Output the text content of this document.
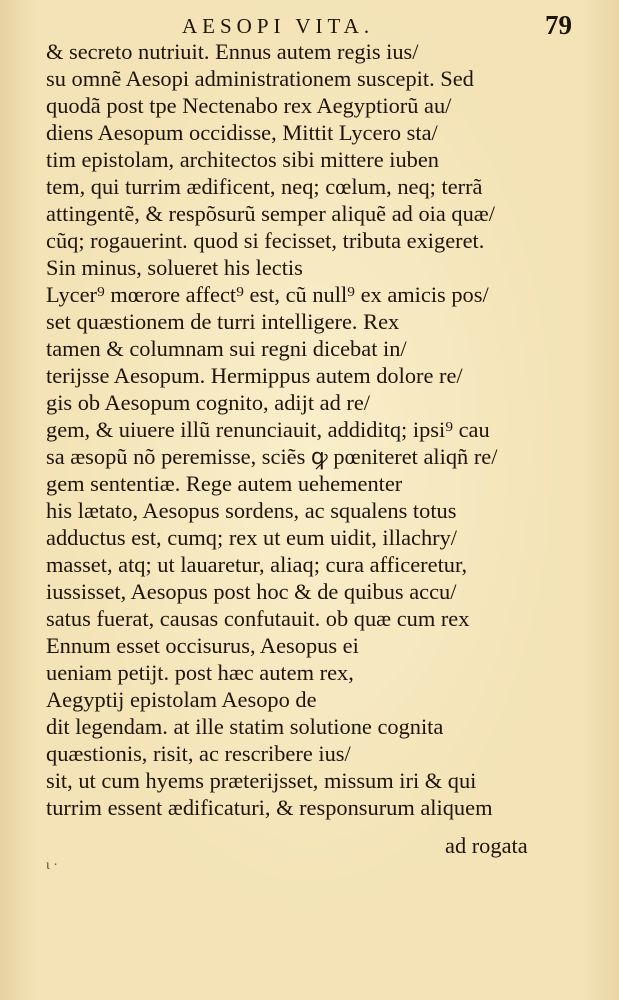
AESOPI VITA.	79
& secreto nutriuit. Ennus autem regis ius/
su omnẽ Aesopi administrationem suscepit. Sed
quodã post tpe Nectenabo rex Aegyptiorũ au/
diens Aesopum occidisse, Mittit Lycero sta/
tim epistolam, architectos sibi mittere iuben
tem, qui turrim ædificent, neq; cœlum, neq; terrã
attingentẽ, & respõsurũ semper aliquẽ ad oia quæ/
cũq; rogauerint. quod si fecisset, tributa exigeret.
Sin minus, solueret his lectis
Lycer⁹ mœrore affect⁹ est, cũ null⁹ ex amicis pos/
set quæstionem de turri intelligere. Rex
tamen & columnam sui regni dicebat in/
terijsse Aesopum. Hermippus autem dolore re/
gis ob Aesopum cognito, adijt ad re/
gem, & uiuere illũ renunciauit, addiditq; ipsi⁹ cau
sa æsopũ nõ peremisse, sciẽs ꝙ pœniteret aliqñ re/
gem sententiæ. Rege autem uehementer
his lætato, Aesopus sordens, ac squalens totus
adductus est, cumq; rex ut eum uidit, illachry/
masset, atq; ut lauaretur, aliaq; cura afficeretur,
iussisset, Aesopus post hoc & de quibus accu/
satus fuerat, causas confutauit. ob quæ cum rex
Ennum esset occisurus, Aesopus ei
ueniam petijt. post hæc autem rex,
Aegyptij epistolam Aesopo de
dit legendam. at ille statim solutione cognita
quæstionis, risit, ac rescribere ius/
sit, ut cum hyems præterijsset, missum iri & qui
turrim essent ædificaturi, & responsurum aliquem
ad rogata
ι ·
